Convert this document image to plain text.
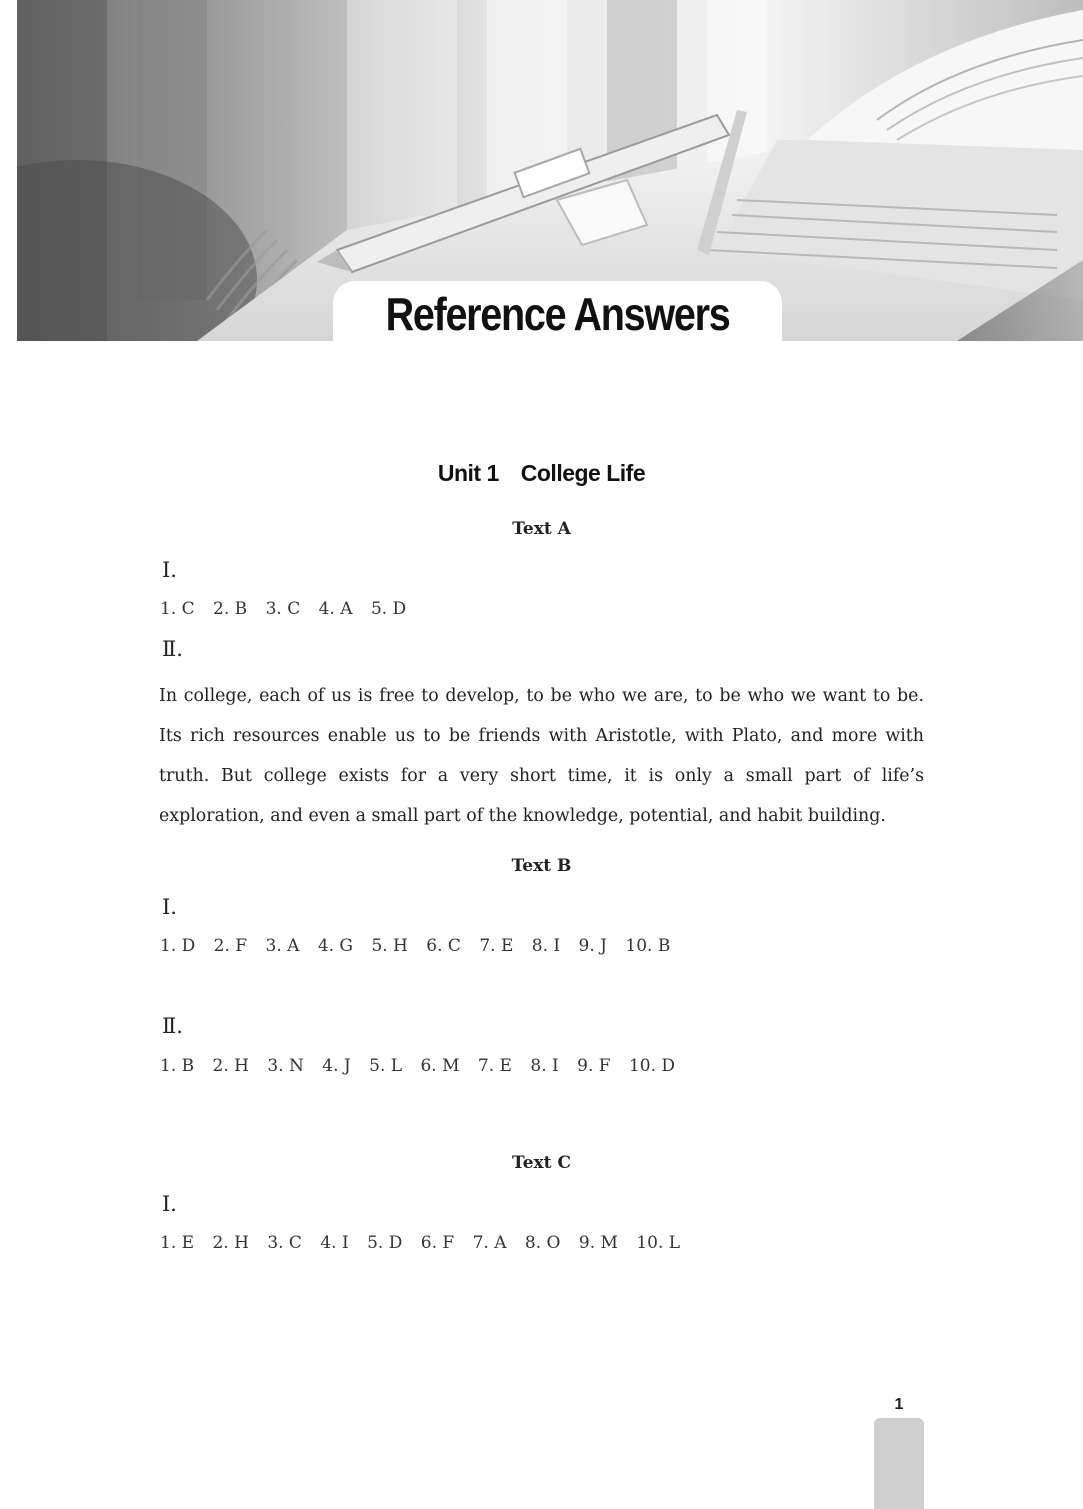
Reference Answers
Unit 1 College Life
Text A
Ⅰ.
1. C 2. B 3. C 4. A 5. D
Ⅱ.
In college, each of us is free to develop, to be who we are, to be who we want to be. Its rich resources enable us to be friends with Aristotle, with Plato, and more with truth. But college exists for a very short time, it is only a small part of life’s exploration, and even a small part of the knowledge, potential, and habit building.
Text B
Ⅰ.
1. D 2. F 3. A 4. G 5. H 6. C 7. E 8. I 9. J 10. B
Ⅱ.
1. B 2. H 3. N 4. J 5. L 6. M 7. E 8. I 9. F 10. D
Text C
Ⅰ.
1. E 2. H 3. C 4. I 5. D 6. F 7. A 8. O 9. M 10. L
1
